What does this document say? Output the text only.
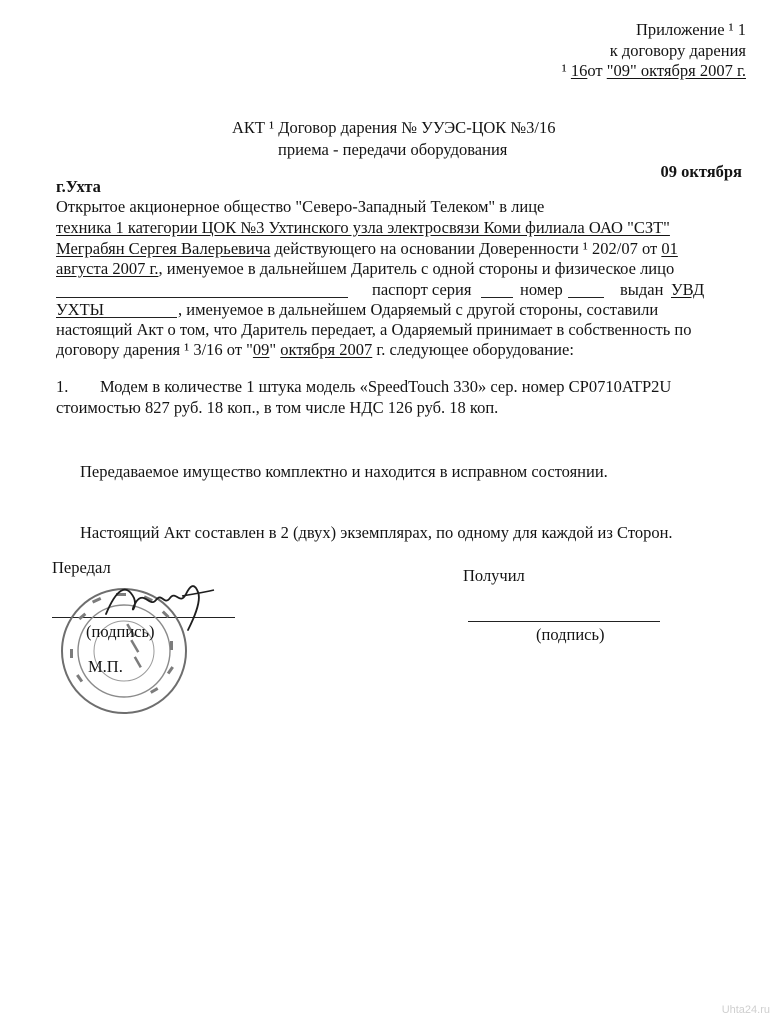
Приложение ¹ 1
к договору дарения
¹ 16от "09" октября 2007 г.
АКТ ¹ Договор дарения № УУЭС-ЦОК №3/16
приема - передачи оборудования
09 октября
г.Ухта
Открытое акционерное общество "Северо-Западный Телеком" в лице
техника 1 категории ЦОК №3 Ухтинского узла электросвязи Коми филиала ОАО "СЗТ"
Меграбян Сергея Валерьевича действующего на основании Доверенности ¹ 202/07 от 01
августа 2007 г., именуемое в дальнейшем Даритель с одной стороны и физическое лицо
паспорт серия	номер	выдан УВД
УХТЫ	, именуемое в дальнейшем Одаряемый с другой стороны, составили
настоящий Акт о том, что Даритель передает, а Одаряемый принимает в собственность по
договору дарения ¹ 3/16 от "09" октября 2007 г. следующее оборудование:
1. Модем в количестве 1 штука модель «SpeedTouch 330» сер. номер CP0710ATP2U
стоимостью 827 руб. 18 коп., в том числе НДС 126 руб. 18 коп.
Передаваемое имущество комплектно и находится в исправном состоянии.
Настоящий Акт составлен в 2 (двух) экземплярах, по одному для каждой из Сторон.
Передал	Получил
(подпись)
М.П.
(подпись)
Uhta24.ru
